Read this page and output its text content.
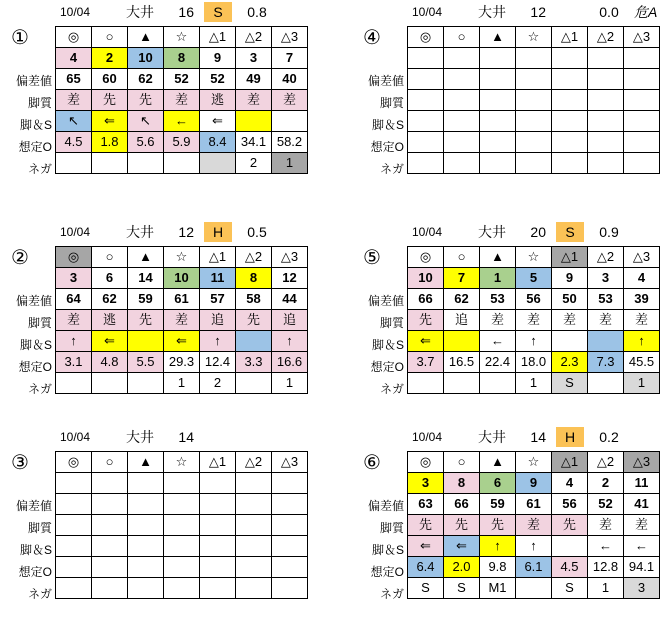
10/04	大井	16	S	0.8
①
偏差値
脚質
脚＆S
想定O
ネガ
◎	○	▲	☆	△1	△2	△3
4	2	10	8	9	3	7
65	60	62	52	52	49	40
差	先	先	差	逃	差	差
↖	⇐	↖	←	⇐		
4.5	1.8	5.6	5.9	8.4	34.1	58.2
					2	1
10/04	大井	12	0.0	危A
④
偏差値
脚質
脚＆S
想定O
ネガ
◎	○	▲	☆	△1	△2	△3

10/04	大井	12	H	0.5
②
偏差値
脚質
脚＆S
想定O
ネガ
◎	○	▲	☆	△1	△2	△3
3	6	14	10	11	8	12
64	62	59	61	57	58	44
差	逃	先	差	追	先	追
↑	⇐		⇐	↑		↑
3.1	4.8	5.5	29.3	12.4	3.3	16.6
			1	2		1
10/04	大井	20	S	0.9
⑤
偏差値
脚質
脚＆S
想定O
ネガ
◎	○	▲	☆	△1	△2	△3
10	7	1	5	9	3	4
66	62	53	56	50	53	39
先	追	差	差	差	差	差
⇐		←	↑			↑
3.7	16.5	22.4	18.0	2.3	7.3	45.5
			1	S		1
10/04	大井	14
③
偏差値
脚質
脚＆S
想定O
ネガ
◎	○	▲	☆	△1	△2	△3

10/04	大井	14	H	0.2
⑥
偏差値
脚質
脚＆S
想定O
ネガ
◎	○	▲	☆	△1	△2	△3
3	8	6	9	4	2	11
63	66	59	61	56	52	41
先	先	先	差	先	差	差
⇐	⇐	↑	↑		←	←
6.4	2.0	9.8	6.1	4.5	12.8	94.1
S	S	M1		S	1	3
